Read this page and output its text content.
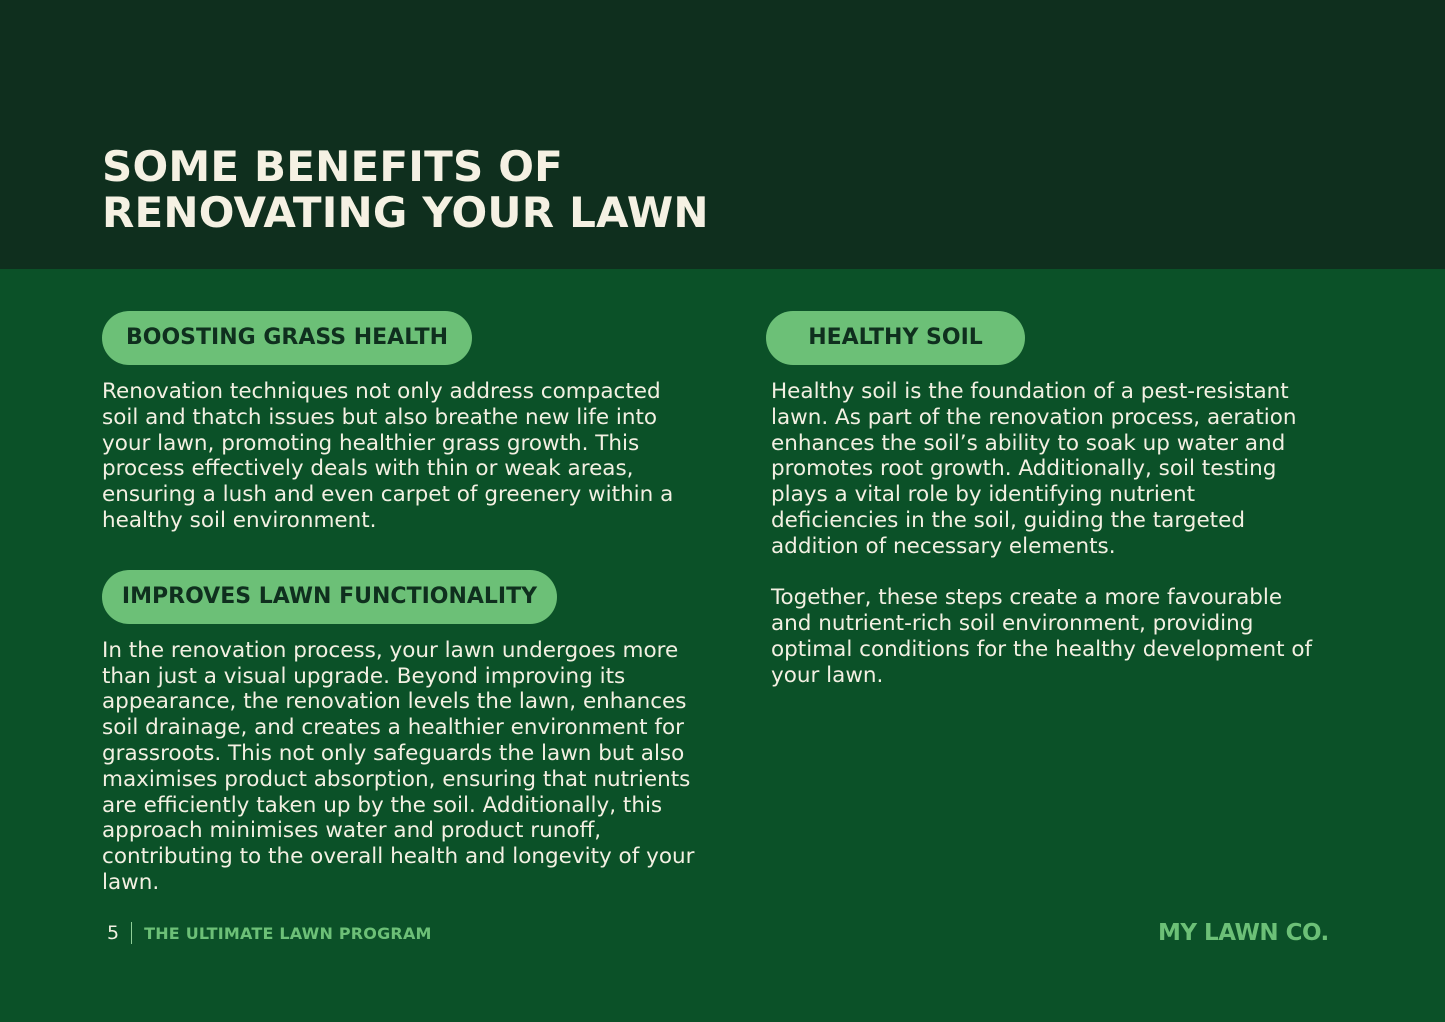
SOME BENEFITS OF
RENOVATING YOUR LAWN
BOOSTING GRASS HEALTH

Renovation techniques not only address compacted soil and thatch issues but also breathe new life into your lawn, promoting healthier grass growth. This process effectively deals with thin or weak areas, ensuring a lush and even carpet of greenery within a healthy soil environment.

IMPROVES LAWN FUNCTIONALITY

In the renovation process, your lawn undergoes more than just a visual upgrade. Beyond improving its appearance, the renovation levels the lawn, enhances soil drainage, and creates a healthier environment for grassroots. This not only safeguards the lawn but also maximises product absorption, ensuring that nutrients are efficiently taken up by the soil. Additionally, this approach minimises water and product runoff, contributing to the overall health and longevity of your lawn.

HEALTHY SOIL

Healthy soil is the foundation of a pest-resistant lawn. As part of the renovation process, aeration enhances the soil’s ability to soak up water and promotes root growth. Additionally, soil testing plays a vital role by identifying nutrient deficiencies in the soil, guiding the targeted addition of necessary elements.

Together, these steps create a more favourable and nutrient-rich soil environment, providing optimal conditions for the healthy development of your lawn.

5 THE ULTIMATE LAWN PROGRAM	MY LAWN CO.
